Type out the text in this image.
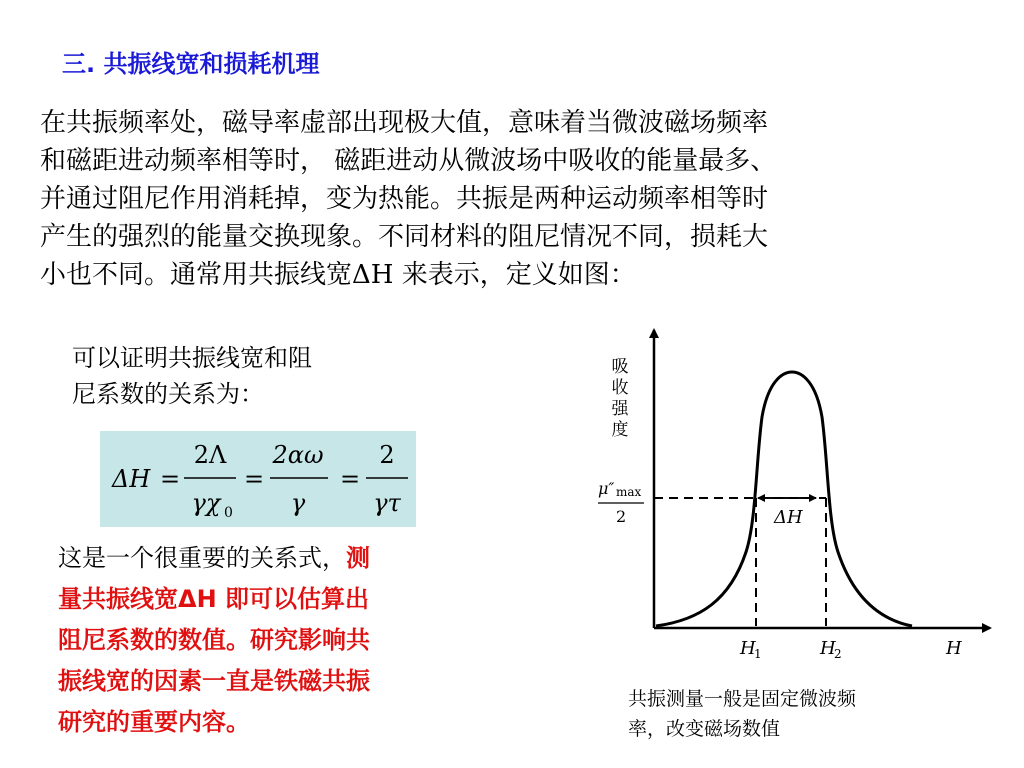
三. 共振线宽和损耗机理

在共振频率处，磁导率虚部出现极大值，意味着当微波磁场频率

和磁距进动频率相等时， 磁距进动从微波场中吸收的能量最多、

并通过阻尼作用消耗掉，变为热能。共振是两种运动频率相等时

产生的强烈的能量交换现象。不同材料的阻尼情况不同，损耗大

小也不同。通常用共振线宽ΔH 来表示，定义如图：

可以证明共振线宽和阻

尼系数的关系为：

ΔH =
2Λ
γχ 0
=
2αω
γ
=
2
γτ

这是一个很重要的关系式，测

量共振线宽ΔH 即可以估算出

阻尼系数的数值。研究影响共

振线宽的因素一直是铁磁共振

研究的重要内容。

吸
收
强
度
μ″ max
2	ΔH
H
1	H
2	H

共振测量一般是固定微波频

率，改变磁场数值
